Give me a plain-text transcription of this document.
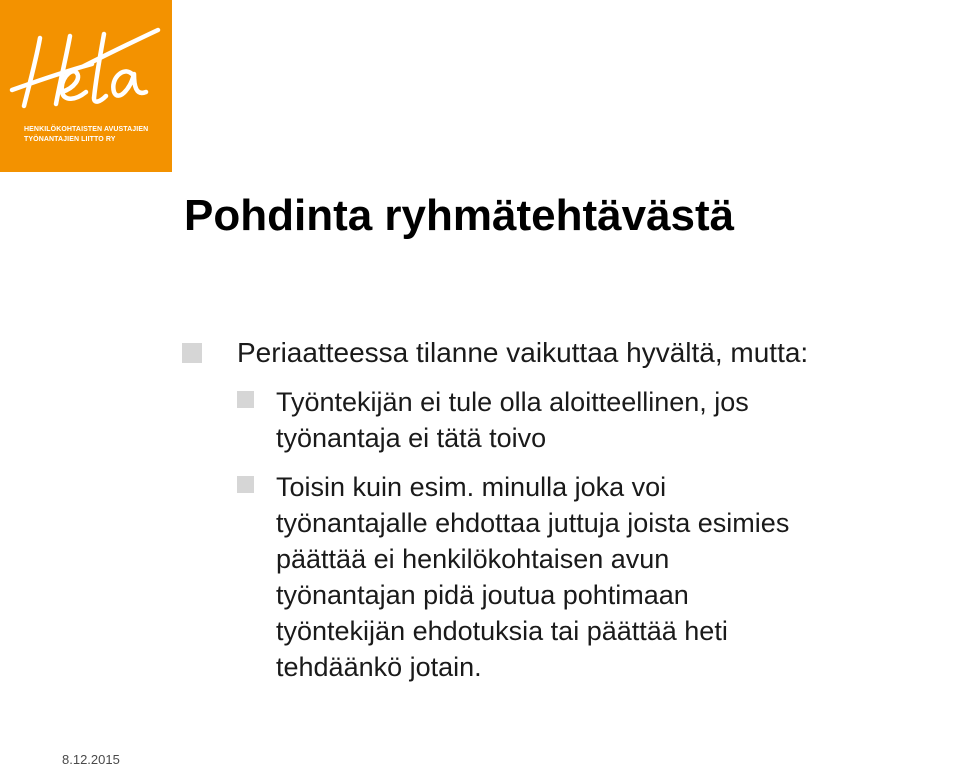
HENKILÖKOHTAISTEN AVUSTAJIEN
TYÖNANTAJIEN LIITTO RY
Pohdinta ryhmätehtävästä
Periaatteessa tilanne vaikuttaa hyvältä, mutta:
Työntekijän ei tule olla aloitteellinen, jos
työnantaja ei tätä toivo
Toisin kuin esim. minulla joka voi
työnantajalle ehdottaa juttuja joista esimies
päättää ei henkilökohtaisen avun
työnantajan pidä joutua pohtimaan
työntekijän ehdotuksia tai päättää heti
tehdäänkö jotain.
8.12.2015
